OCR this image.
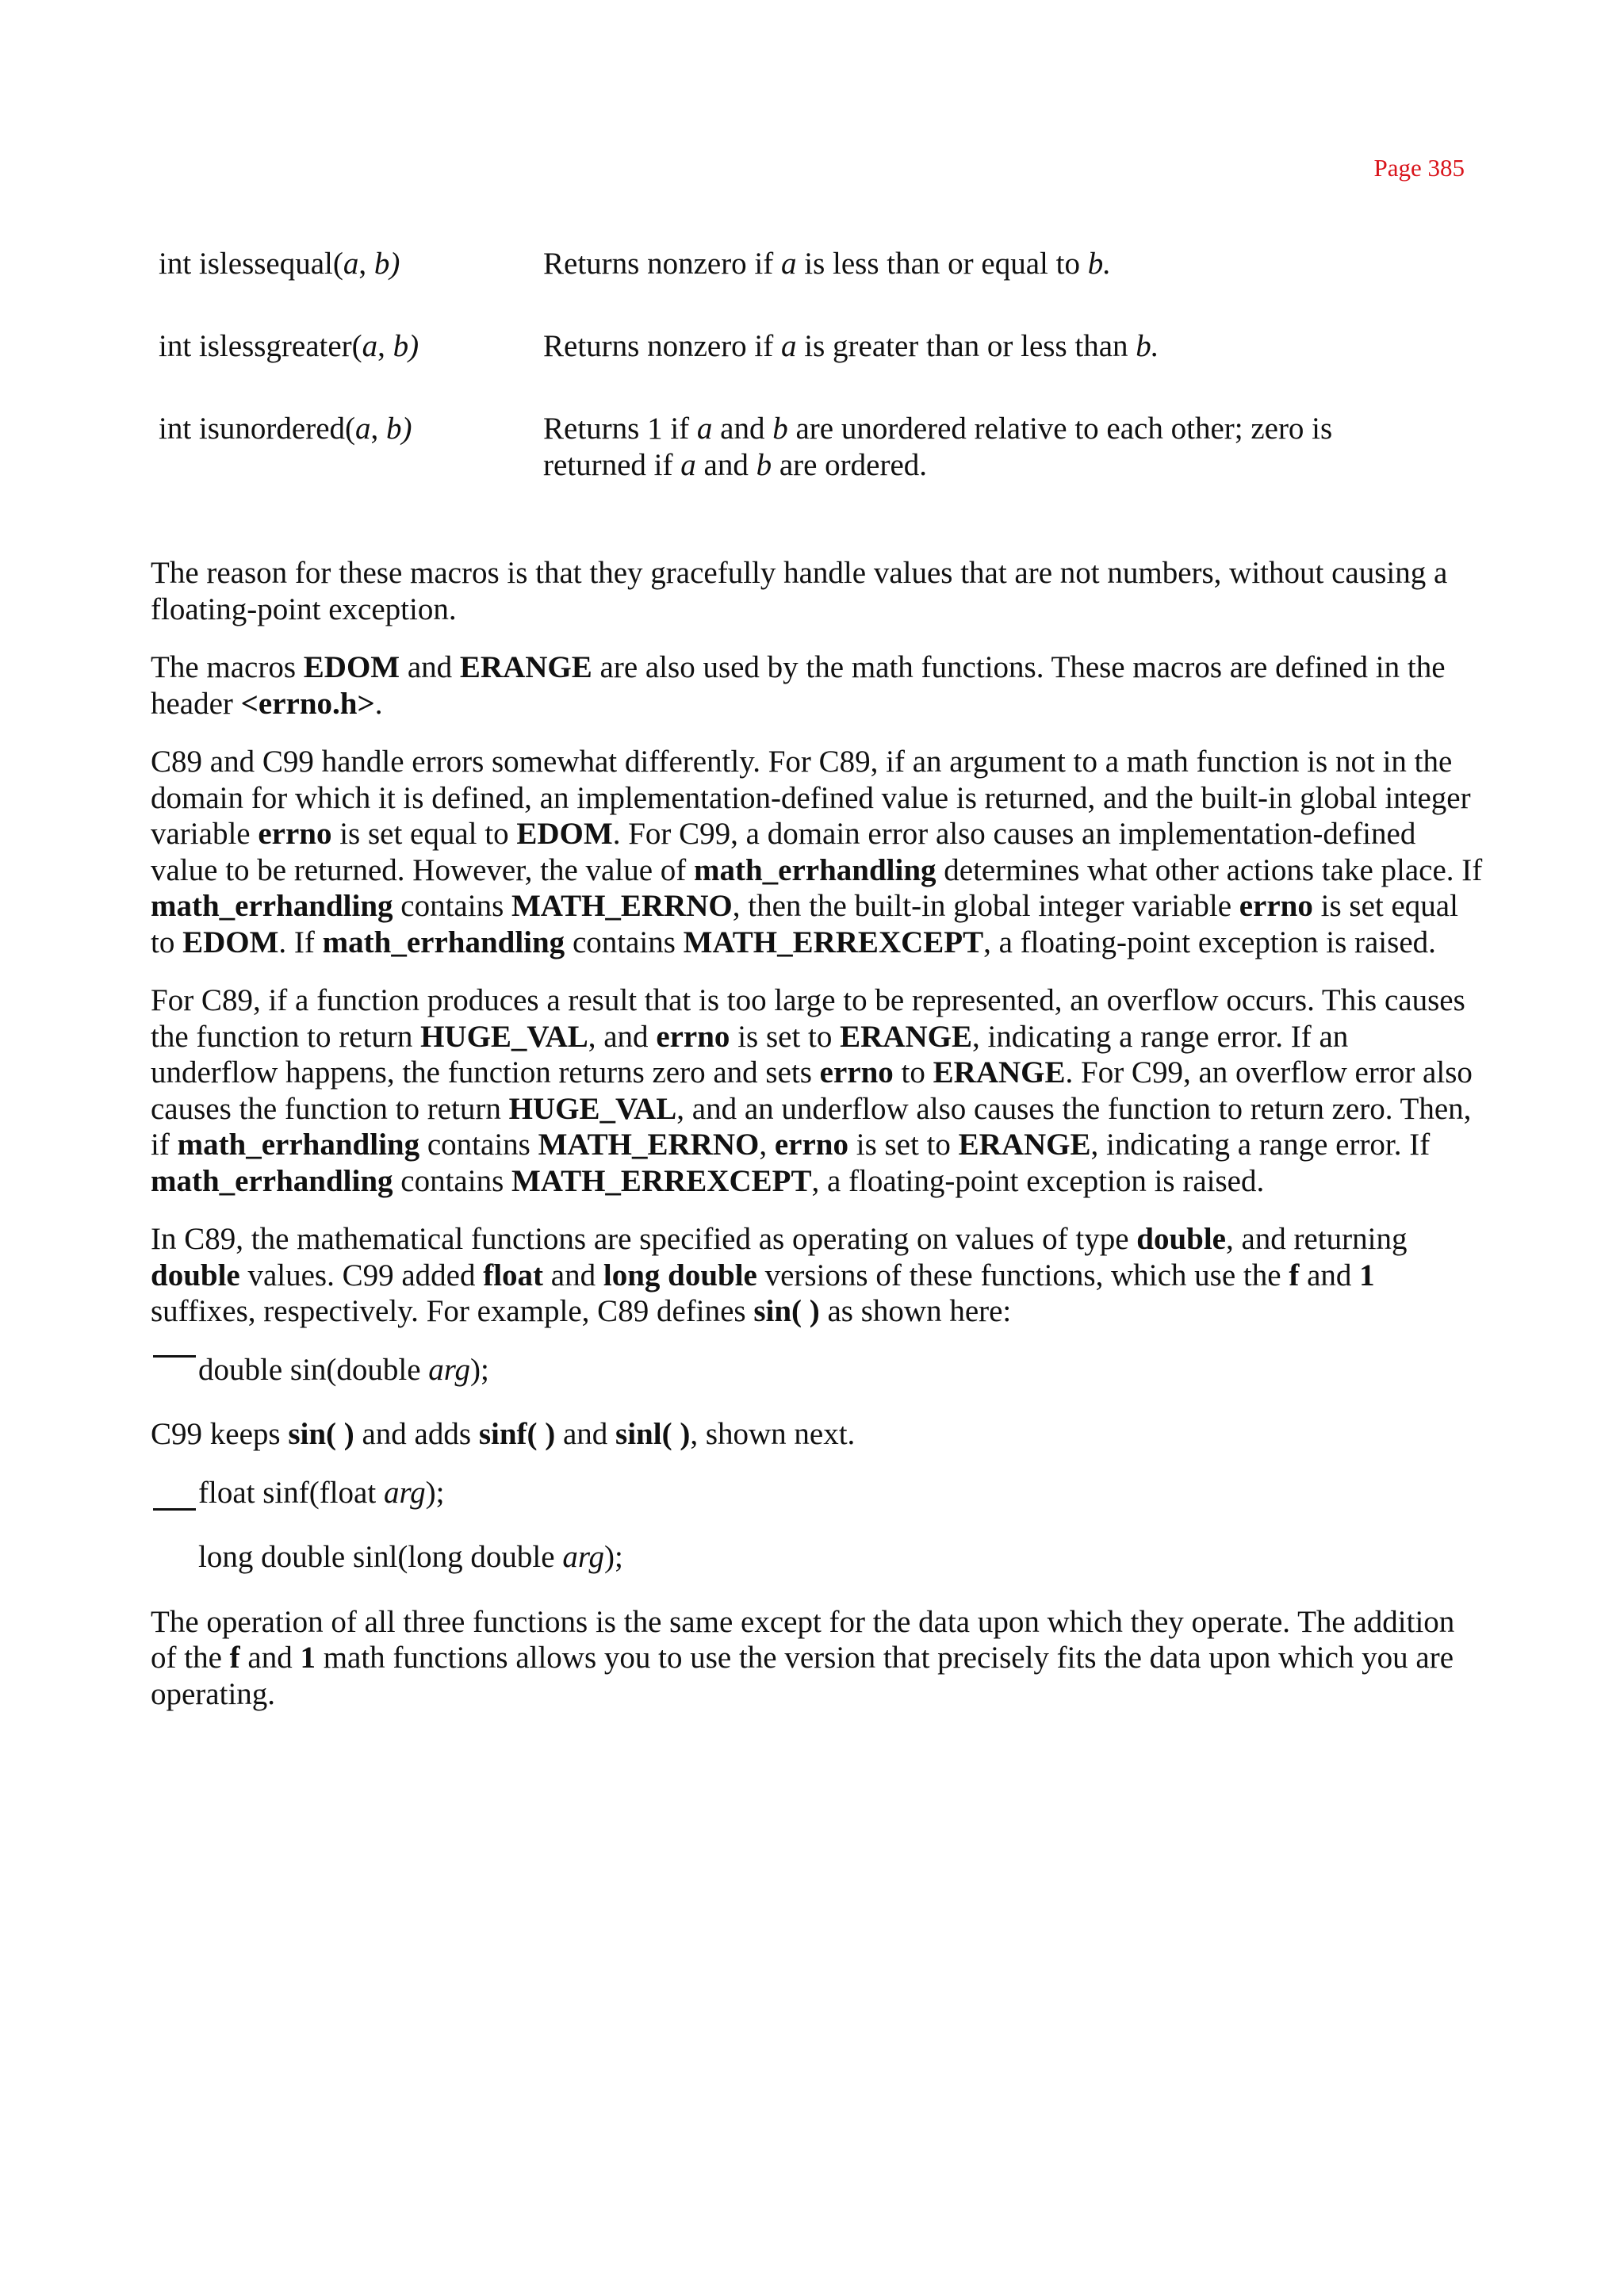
Page 385
int islessequal(a, b)	Returns nonzero if a is less than or equal to b.
int islessgreater(a, b)	Returns nonzero if a is greater than or less than b.
int isunordered(a, b)	Returns 1 if a and b are unordered relative to each other; zero is returned if a and b are ordered.

The reason for these macros is that they gracefully handle values that are not numbers, without causing a floating-point exception.

The macros EDOM and ERANGE are also used by the math functions. These macros are defined in the header <errno.h>.

C89 and C99 handle errors somewhat differently. For C89, if an argument to a math function is not in the domain for which it is defined, an implementation-defined value is returned, and the built-in global integer variable errno is set equal to EDOM. For C99, a domain error also causes an implementation-defined value to be returned. However, the value of math_errhandling determines what other actions take place. If math_errhandling contains MATH_ERRNO, then the built-in global integer variable errno is set equal to EDOM. If math_errhandling contains MATH_ERREXCEPT, a floating-point exception is raised.

For C89, if a function produces a result that is too large to be represented, an overflow occurs. This causes the function to return HUGE_VAL, and errno is set to ERANGE, indicating a range error. If an underflow happens, the function returns zero and sets errno to ERANGE. For C99, an overflow error also causes the function to return HUGE_VAL, and an underflow also causes the function to return zero. Then, if math_errhandling contains MATH_ERRNO, errno is set to ERANGE, indicating a range error. If math_errhandling contains MATH_ERREXCEPT, a floating-point exception is raised.

In C89, the mathematical functions are specified as operating on values of type double, and returning double values. C99 added float and long double versions of these functions, which use the f and 1 suffixes, respectively. For example, C89 defines sin( ) as shown here:

double sin(double arg);

C99 keeps sin( ) and adds sinf( ) and sinl( ), shown next.

float sinf(float arg);
long double sinl(long double arg);

The operation of all three functions is the same except for the data upon which they operate. The addition of the f and 1 math functions allows you to use the version that precisely fits the data upon which you are operating.
